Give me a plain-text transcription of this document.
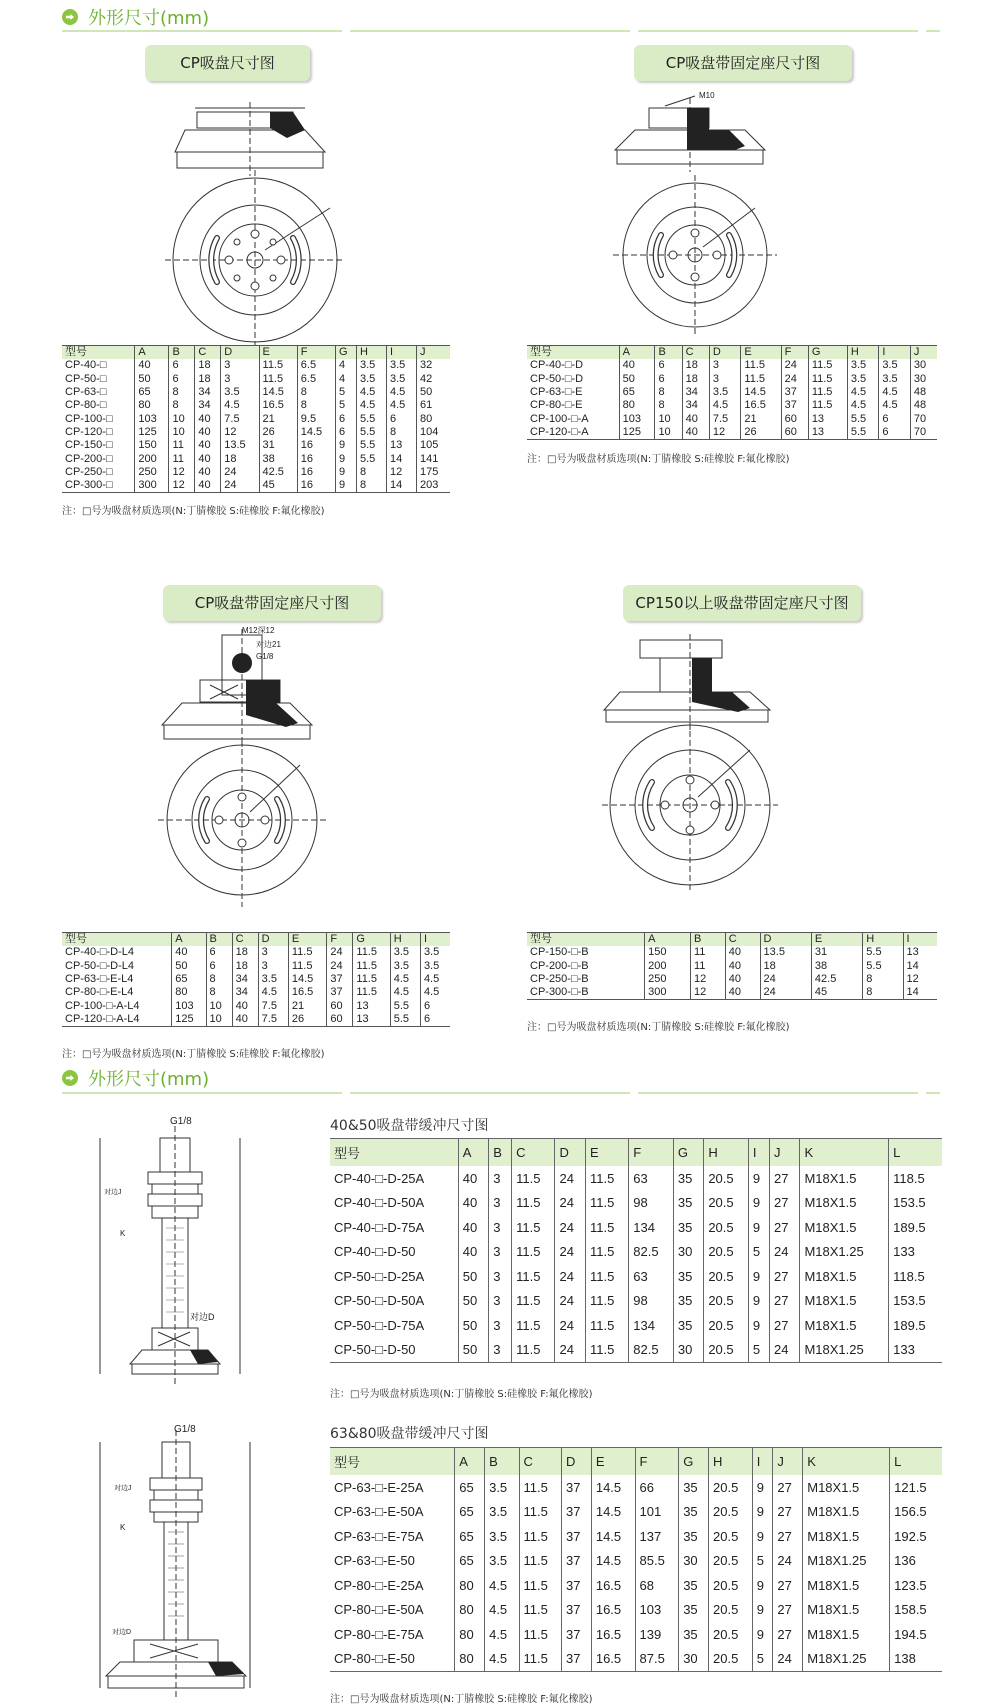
外形尺寸(mm)
CP吸盘尺寸图	CP吸盘带固定座尺寸图
CP吸盘带固定座尺寸图	CP150以上吸盘带固定座尺寸图
M10
型号	A	B	C	D	E	F	G	H	I	J
CP-40-□	40	6	18	3	11.5	6.5	4	3.5	3.5	32
CP-50-□	50	6	18	3	11.5	6.5	4	3.5	3.5	42
CP-63-□	65	8	34	3.5	14.5	8	5	4.5	4.5	50
CP-80-□	80	8	34	4.5	16.5	8	5	4.5	4.5	61
CP-100-□	103	10	40	7.5	21	9.5	6	5.5	6	80
CP-120-□	125	10	40	12	26	14.5	6	5.5	8	104
CP-150-□	150	11	40	13.5	31	16	9	5.5	13	105
CP-200-□	200	11	40	18	38	16	9	5.5	14	141
CP-250-□	250	12	40	24	42.5	16	9	8	12	175
CP-300-□	300	12	40	24	45	16	9	8	14	203
注：□号为吸盘材质选项(N:丁腈橡胶 S:硅橡胶 F:氟化橡胶)
型号	A	B	C	D	E	F	G	H	I	J
CP-40-□-D	40	6	18	3	11.5	24	11.5	3.5	3.5	30
CP-50-□-D	50	6	18	3	11.5	24	11.5	3.5	3.5	30
CP-63-□-E	65	8	34	3.5	14.5	37	11.5	4.5	4.5	48
CP-80-□-E	80	8	34	4.5	16.5	37	11.5	4.5	4.5	48
CP-100-□-A	103	10	40	7.5	21	60	13	5.5	6	70
CP-120-□-A	125	10	40	12	26	60	13	5.5	6	70
注：□号为吸盘材质选项(N:丁腈橡胶 S:硅橡胶 F:氟化橡胶)
M12深12
对边21
G1/8
型号	A	B	C	D	E	F	G	H	I
CP-40-□-D-L4	40	6	18	3	11.5	24	11.5	3.5	3.5
CP-50-□-D-L4	50	6	18	3	11.5	24	11.5	3.5	3.5
CP-63-□-E-L4	65	8	34	3.5	14.5	37	11.5	4.5	4.5
CP-80-□-E-L4	80	8	34	4.5	16.5	37	11.5	4.5	4.5
CP-100-□-A-L4	103	10	40	7.5	21	60	13	5.5	6
CP-120-□-A-L4	125	10	40	7.5	26	60	13	5.5	6
注：□号为吸盘材质选项(N:丁腈橡胶 S:硅橡胶 F:氟化橡胶)
型号	A	B	C	D	E	H	I
CP-150-□-B	150	11	40	13.5	31	5.5	13
CP-200-□-B	200	11	40	18	38	5.5	14
CP-250-□-B	250	12	40	24	42.5	8	12
CP-300-□-B	300	12	40	24	45	8	14
注：□号为吸盘材质选项(N:丁腈橡胶 S:硅橡胶 F:氟化橡胶)
外形尺寸(mm)
G1/8
对边D
对边J
K
40&50吸盘带缓冲尺寸图
型号	A	B	C	D	E	F	G	H	I	J	K	L
CP-40-□-D-25A	40	3	11.5	24	11.5	63	35	20.5	9	27	M18X1.5	118.5
CP-40-□-D-50A	40	3	11.5	24	11.5	98	35	20.5	9	27	M18X1.5	153.5
CP-40-□-D-75A	40	3	11.5	24	11.5	134	35	20.5	9	27	M18X1.5	189.5
CP-40-□-D-50	40	3	11.5	24	11.5	82.5	30	20.5	5	24	M18X1.25	133
CP-50-□-D-25A	50	3	11.5	24	11.5	63	35	20.5	9	27	M18X1.5	118.5
CP-50-□-D-50A	50	3	11.5	24	11.5	98	35	20.5	9	27	M18X1.5	153.5
CP-50-□-D-75A	50	3	11.5	24	11.5	134	35	20.5	9	27	M18X1.5	189.5
CP-50-□-D-50	50	3	11.5	24	11.5	82.5	30	20.5	5	24	M18X1.25	133
注：□号为吸盘材质选项(N:丁腈橡胶 S:硅橡胶 F:氟化橡胶)
G1/8
对边J
K
对边D
63&80吸盘带缓冲尺寸图
型号	A	B	C	D	E	F	G	H	I	J	K	L
CP-63-□-E-25A	65	3.5	11.5	37	14.5	66	35	20.5	9	27	M18X1.5	121.5
CP-63-□-E-50A	65	3.5	11.5	37	14.5	101	35	20.5	9	27	M18X1.5	156.5
CP-63-□-E-75A	65	3.5	11.5	37	14.5	137	35	20.5	9	27	M18X1.5	192.5
CP-63-□-E-50	65	3.5	11.5	37	14.5	85.5	30	20.5	5	24	M18X1.25	136
CP-80-□-E-25A	80	4.5	11.5	37	16.5	68	35	20.5	9	27	M18X1.5	123.5
CP-80-□-E-50A	80	4.5	11.5	37	16.5	103	35	20.5	9	27	M18X1.5	158.5
CP-80-□-E-75A	80	4.5	11.5	37	16.5	139	35	20.5	9	27	M18X1.5	194.5
CP-80-□-E-50	80	4.5	11.5	37	16.5	87.5	30	20.5	5	24	M18X1.25	138
注：□号为吸盘材质选项(N:丁腈橡胶 S:硅橡胶 F:氟化橡胶)
